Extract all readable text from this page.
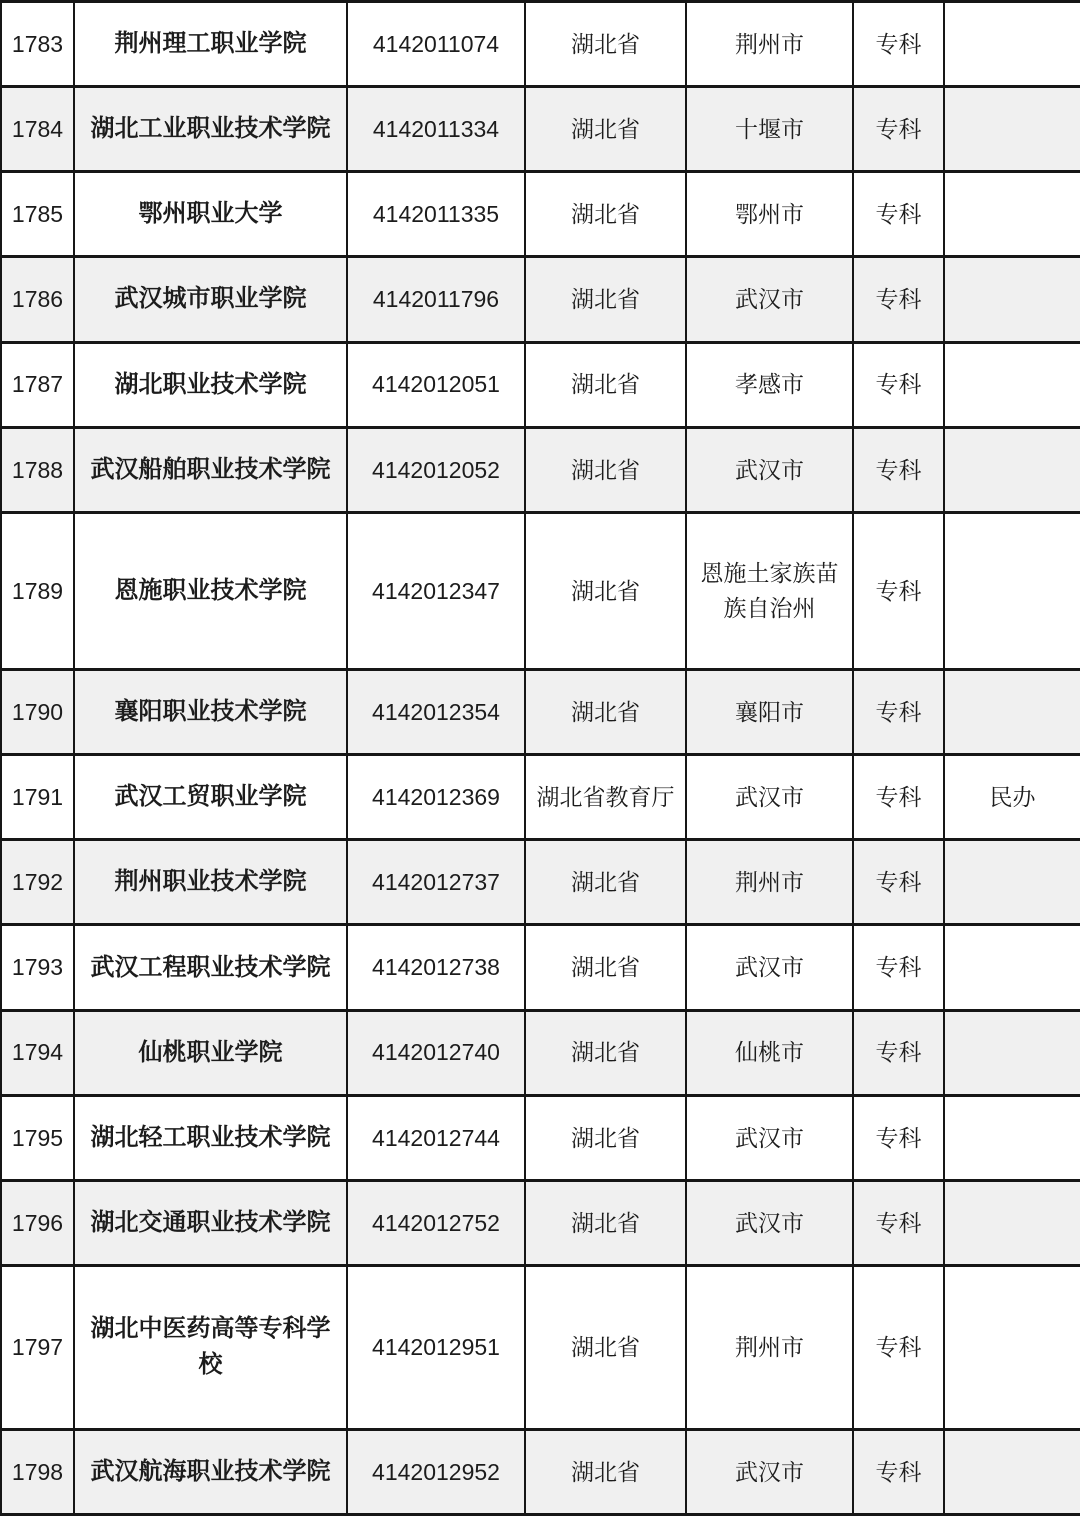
1783	荆州理工职业学院	4142011074	湖北省	荆州市	专科	
1784	湖北工业职业技术学院	4142011334	湖北省	十堰市	专科	
1785	鄂州职业大学	4142011335	湖北省	鄂州市	专科	
1786	武汉城市职业学院	4142011796	湖北省	武汉市	专科	
1787	湖北职业技术学院	4142012051	湖北省	孝感市	专科	
1788	武汉船舶职业技术学院	4142012052	湖北省	武汉市	专科	
1789	恩施职业技术学院	4142012347	湖北省	恩施土家族苗族自治州	专科	
1790	襄阳职业技术学院	4142012354	湖北省	襄阳市	专科	
1791	武汉工贸职业学院	4142012369	湖北省教育厅	武汉市	专科	民办
1792	荆州职业技术学院	4142012737	湖北省	荆州市	专科	
1793	武汉工程职业技术学院	4142012738	湖北省	武汉市	专科	
1794	仙桃职业学院	4142012740	湖北省	仙桃市	专科	
1795	湖北轻工职业技术学院	4142012744	湖北省	武汉市	专科	
1796	湖北交通职业技术学院	4142012752	湖北省	武汉市	专科	
1797	湖北中医药高等专科学校	4142012951	湖北省	荆州市	专科	
1798	武汉航海职业技术学院	4142012952	湖北省	武汉市	专科	
